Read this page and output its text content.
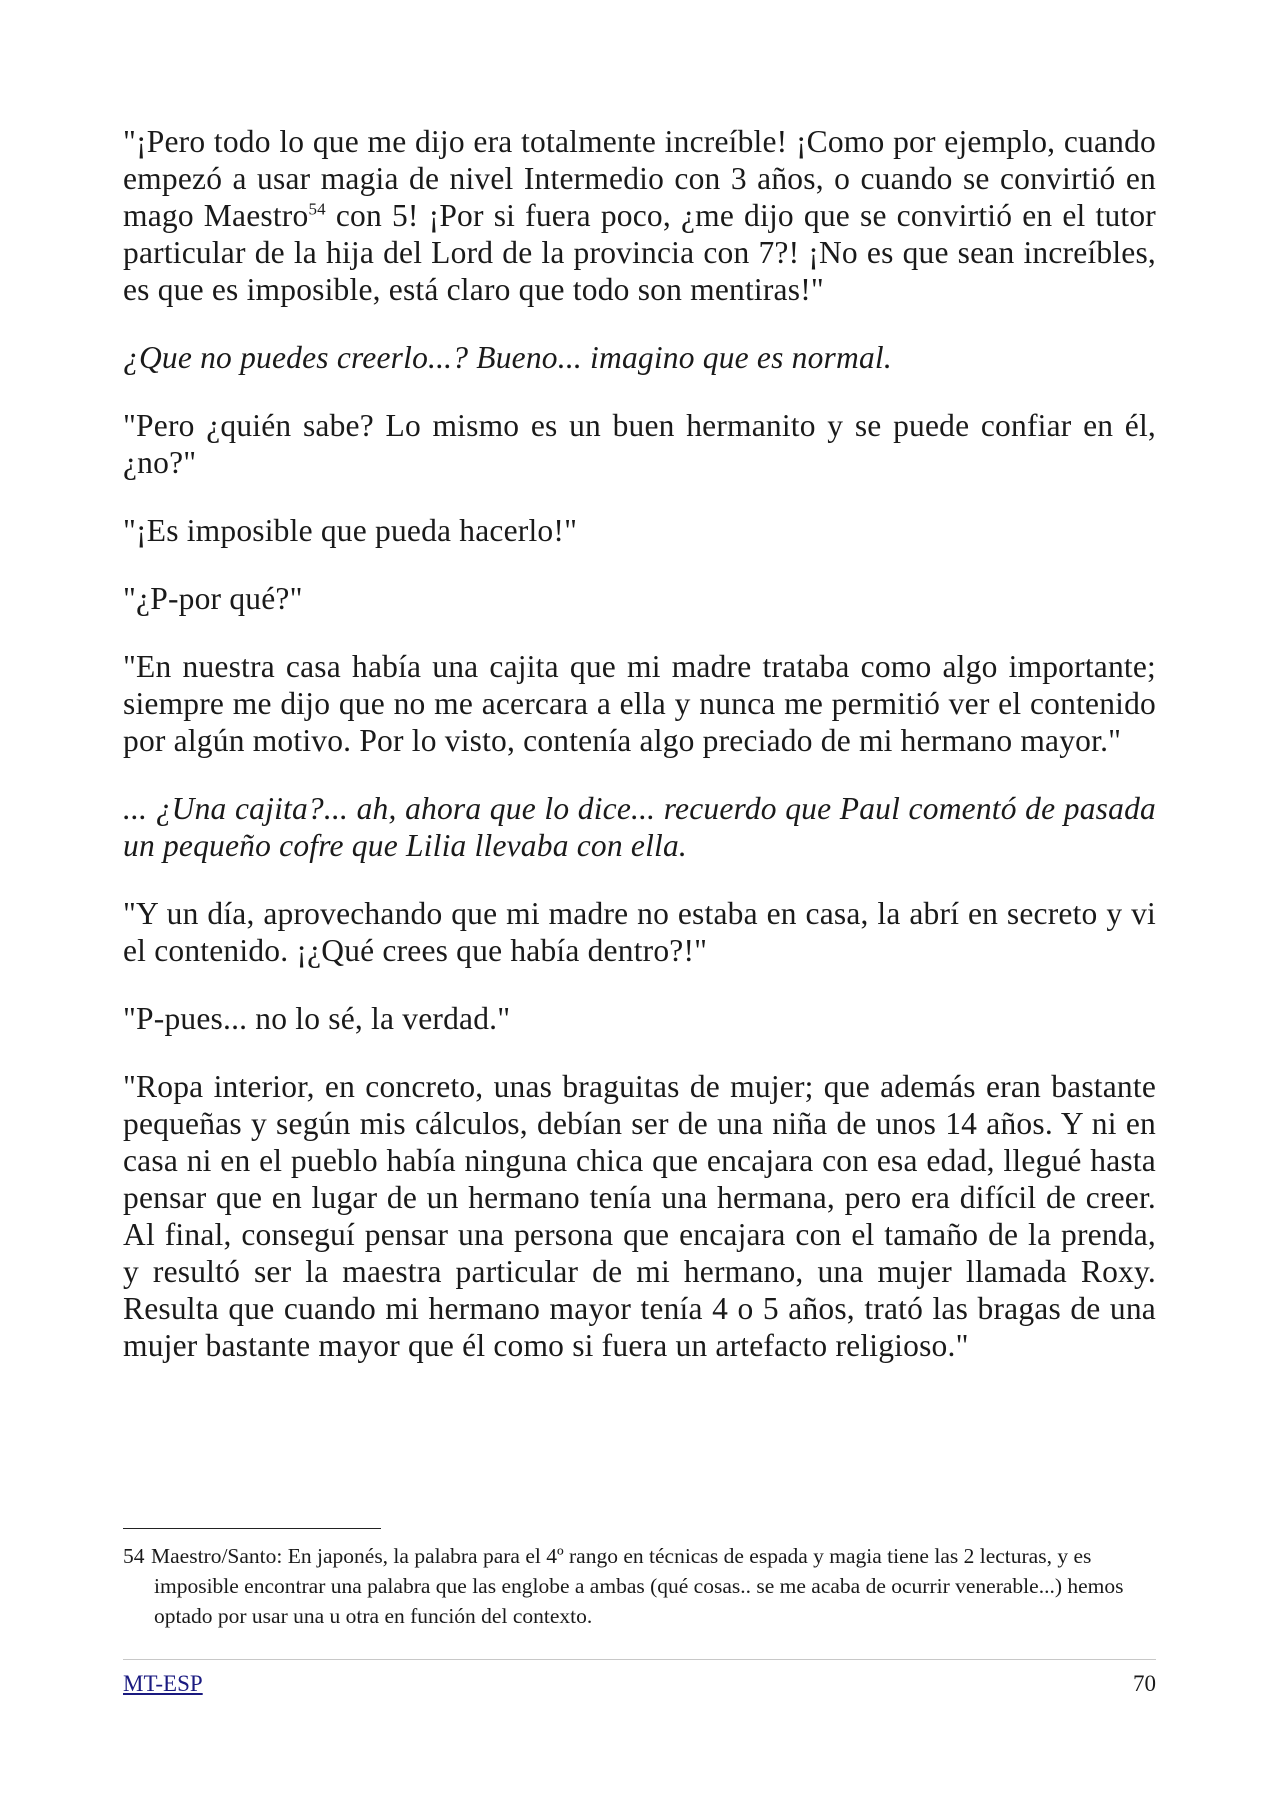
"¡Pero todo lo que me dijo era totalmente increíble! ¡Como por ejemplo, cuando empezó a usar magia de nivel Intermedio con 3 años, o cuando se convirtió en mago Maestro$^{54}$ con 5! ¡Por si fuera poco, ¿me dijo que se convirtió en el tutor particular de la hija del Lord de la provincia con 7?! ¡No es que sean increíbles, es que es imposible, está claro que todo son mentiras!"

¿Que no puedes creerlo...? Bueno... imagino que es normal.

"Pero ¿quién sabe? Lo mismo es un buen hermanito y se puede confiar en él, ¿no?"

"¡Es imposible que pueda hacerlo!"

"¿P-por qué?"

"En nuestra casa había una cajita que mi madre trataba como algo importante; siempre me dijo que no me acercara a ella y nunca me permitió ver el contenido por algún motivo. Por lo visto, contenía algo preciado de mi hermano mayor."

... ¿Una cajita?... ah, ahora que lo dice... recuerdo que Paul comentó de pasada un pequeño cofre que Lilia llevaba con ella.

"Y un día, aprovechando que mi madre no estaba en casa, la abrí en secreto y vi el contenido. ¡¿Qué crees que había dentro?!"

"P-pues... no lo sé, la verdad."

"Ropa interior, en concreto, unas braguitas de mujer; que además eran bastante pequeñas y según mis cálculos, debían ser de una niña de unos 14 años. Y ni en casa ni en el pueblo había ninguna chica que encajara con esa edad, llegué hasta pensar que en lugar de un hermano tenía una hermana, pero era difícil de creer. Al final, conseguí pensar una persona que encajara con el tamaño de la prenda, y resultó ser la maestra particular de mi hermano, una mujer llamada Roxy. Resulta que cuando mi hermano mayor tenía 4 o 5 años, trató las bragas de una mujer bastante mayor que él como si fuera un artefacto religioso."

54 Maestro/Santo: En japonés, la palabra para el 4º rango en técnicas de espada y magia tiene las 2 lecturas, y es imposible encontrar una palabra que las englobe a ambas (qué cosas.. se me acaba de ocurrir venerable...) hemos optado por usar una u otra en función del contexto.
MT-ESP	70
